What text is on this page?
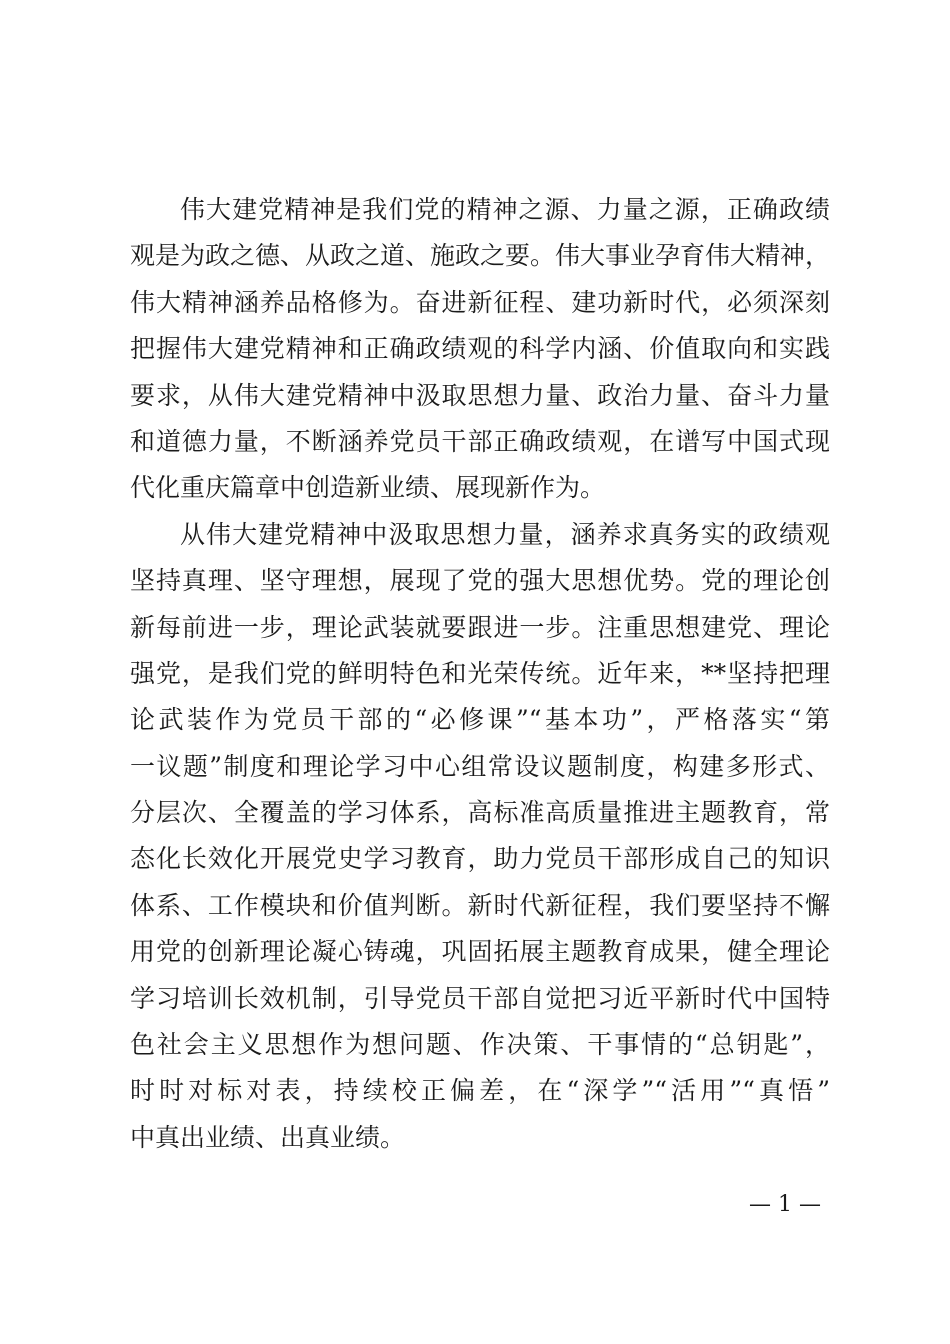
伟大建党精神是我们党的精神之源、力量之源，正确政绩
观是为政之德、从政之道、施政之要。伟大事业孕育伟大精神，
伟大精神涵养品格修为。奋进新征程、建功新时代，必须深刻
把握伟大建党精神和正确政绩观的科学内涵、价值取向和实践
要求，从伟大建党精神中汲取思想力量、政治力量、奋斗力量
和道德力量，不断涵养党员干部正确政绩观，在谱写中国式现
代化重庆篇章中创造新业绩、展现新作为。
从伟大建党精神中汲取思想力量，涵养求真务实的政绩观
坚持真理、坚守理想，展现了党的强大思想优势。党的理论创
新每前进一步，理论武装就要跟进一步。注重思想建党、理论
强党，是我们党的鲜明特色和光荣传统。近年来，**坚持把理
论武装作为党员干部的“必修课”“基本功”，严格落实“第
一议题”制度和理论学习中心组常设议题制度，构建多形式、
分层次、全覆盖的学习体系，高标准高质量推进主题教育，常
态化长效化开展党史学习教育，助力党员干部形成自己的知识
体系、工作模块和价值判断。新时代新征程，我们要坚持不懈
用党的创新理论凝心铸魂，巩固拓展主题教育成果，健全理论
学习培训长效机制，引导党员干部自觉把习近平新时代中国特
色社会主义思想作为想问题、作决策、干事情的“总钥匙”，
时时对标对表，持续校正偏差，在“深学”“活用”“真悟”
中真出业绩、出真业绩。
— 1 —
